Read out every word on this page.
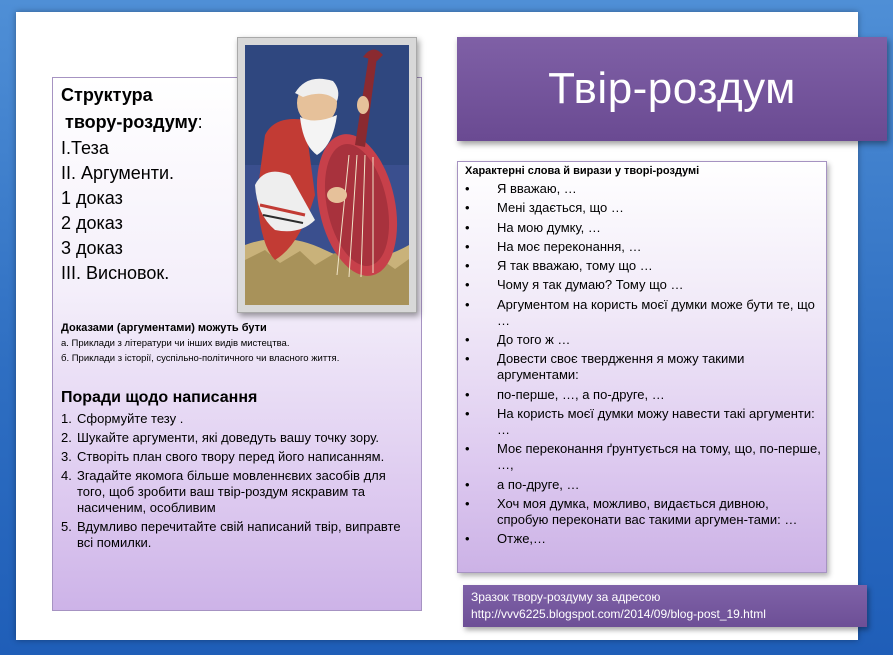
Структура
твору-роздуму:
І.Теза
ІІ. Аргументи.
1 доказ
2 доказ
3 доказ
ІІІ. Висновок.
Доказами (аргументами) можуть бути
а. Приклади з літератури чи інших видів мистецтва.
б. Приклади з історії, суспільно-політичного чи власного життя.
Поради щодо написання
1. Сформуйте тезу .
2. Шукайте аргументи, які доведуть вашу точку зору.
3. Створіть план свого твору перед його написанням.
4. Згадайте якомога більше мовленнєвих засобів для того, щоб зробити ваш твір-роздум яскравим та насиченим, особливим
5. Вдумливо перечитайте свій написаний твір, виправте всі помилки.
Твір-роздум
Характерні слова й вирази у творі-роздумі
• Я вважаю, …
• Мені здається, що …
• На мою думку, …
• На моє переконання, …
• Я так вважаю, тому що …
• Чому я так думаю? Тому що …
• Аргументом на користь моєї думки може бути те, що …
• До того ж …
• Довести своє твердження я можу такими аргументами:
• по-перше, …, а по-друге, …
• На користь моєї думки можу навести такі аргументи: …
• Моє переконання ґрунтується на тому, що, по-перше, …,
• а по-друге, …
• Хоч моя думка, можливо, видається дивною, спробую переконати вас такими аргумен-тами: …
• Отже,…
Зразок твору-роздуму за адресою
http://vvv6225.blogspot.com/2014/09/blog-post_19.html
